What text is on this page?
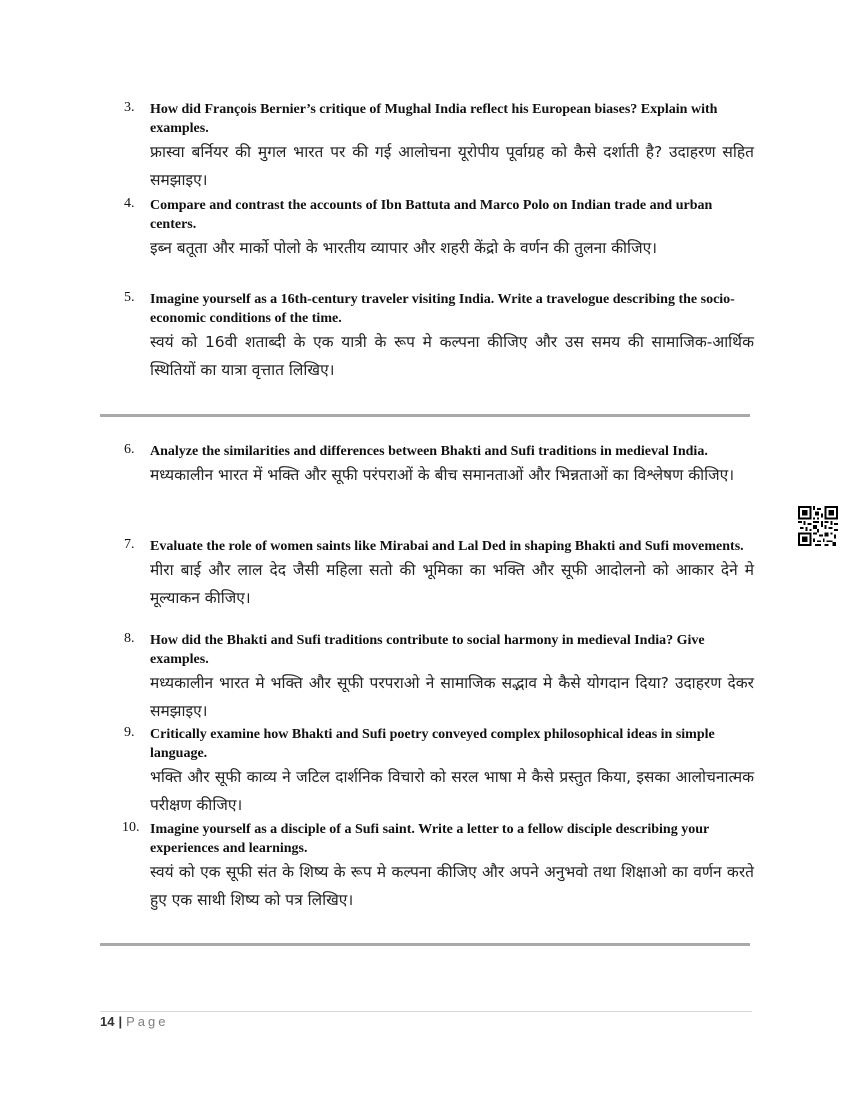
3.	How did François Bernier’s critique of Mughal India reflect his European biases? Explain with examples.
फ्रास्वा बर्नियर की मुगल भारत पर की गई आलोचना यूरोपीय पूर्वाग्रह को कैसे दर्शाती है? उदाहरण सहित समझाइए।
4.	Compare and contrast the accounts of Ibn Battuta and Marco Polo on Indian trade and urban centers.
इब्न बतूता और मार्को पोलो के भारतीय व्यापार और शहरी केंद्रो के वर्णन की तुलना कीजिए।
5.	Imagine yourself as a 16th-century traveler visiting India. Write a travelogue describing the socio-economic conditions of the time.
स्वयं को 16वी शताब्दी के एक यात्री के रूप मे कल्पना कीजिए और उस समय की सामाजिक-आर्थिक स्थितियों का यात्रा वृत्तात लिखिए।
6.	Analyze the similarities and differences between Bhakti and Sufi traditions in medieval India.
मध्यकालीन भारत में भक्ति और सूफी परंपराओं के बीच समानताओं और भिन्नताओं का विश्लेषण कीजिए।
7.	Evaluate the role of women saints like Mirabai and Lal Ded in shaping Bhakti and Sufi movements.
मीरा बाई और लाल देद जैसी महिला सतो की भूमिका का भक्ति और सूफी आदोलनो को आकार देने मे मूल्याकन कीजिए।
8.	How did the Bhakti and Sufi traditions contribute to social harmony in medieval India? Give examples.
मध्यकालीन भारत मे भक्ति और सूफी परपराओ ने सामाजिक सद्भाव मे कैसे योगदान दिया? उदाहरण देकर समझाइए।
9.	Critically examine how Bhakti and Sufi poetry conveyed complex philosophical ideas in simple language.
भक्ति और सूफी काव्य ने जटिल दार्शनिक विचारो को सरल भाषा मे कैसे प्रस्तुत किया, इसका आलोचनात्मक परीक्षण कीजिए।
10. Imagine yourself as a disciple of a Sufi saint. Write a letter to a fellow disciple describing your experiences and learnings.
स्वयं को एक सूफी संत के शिष्य के रूप मे कल्पना कीजिए और अपने अनुभवो तथा शिक्षाओ का वर्णन करते हुए एक साथी शिष्य को पत्र लिखिए।
14 | Page
